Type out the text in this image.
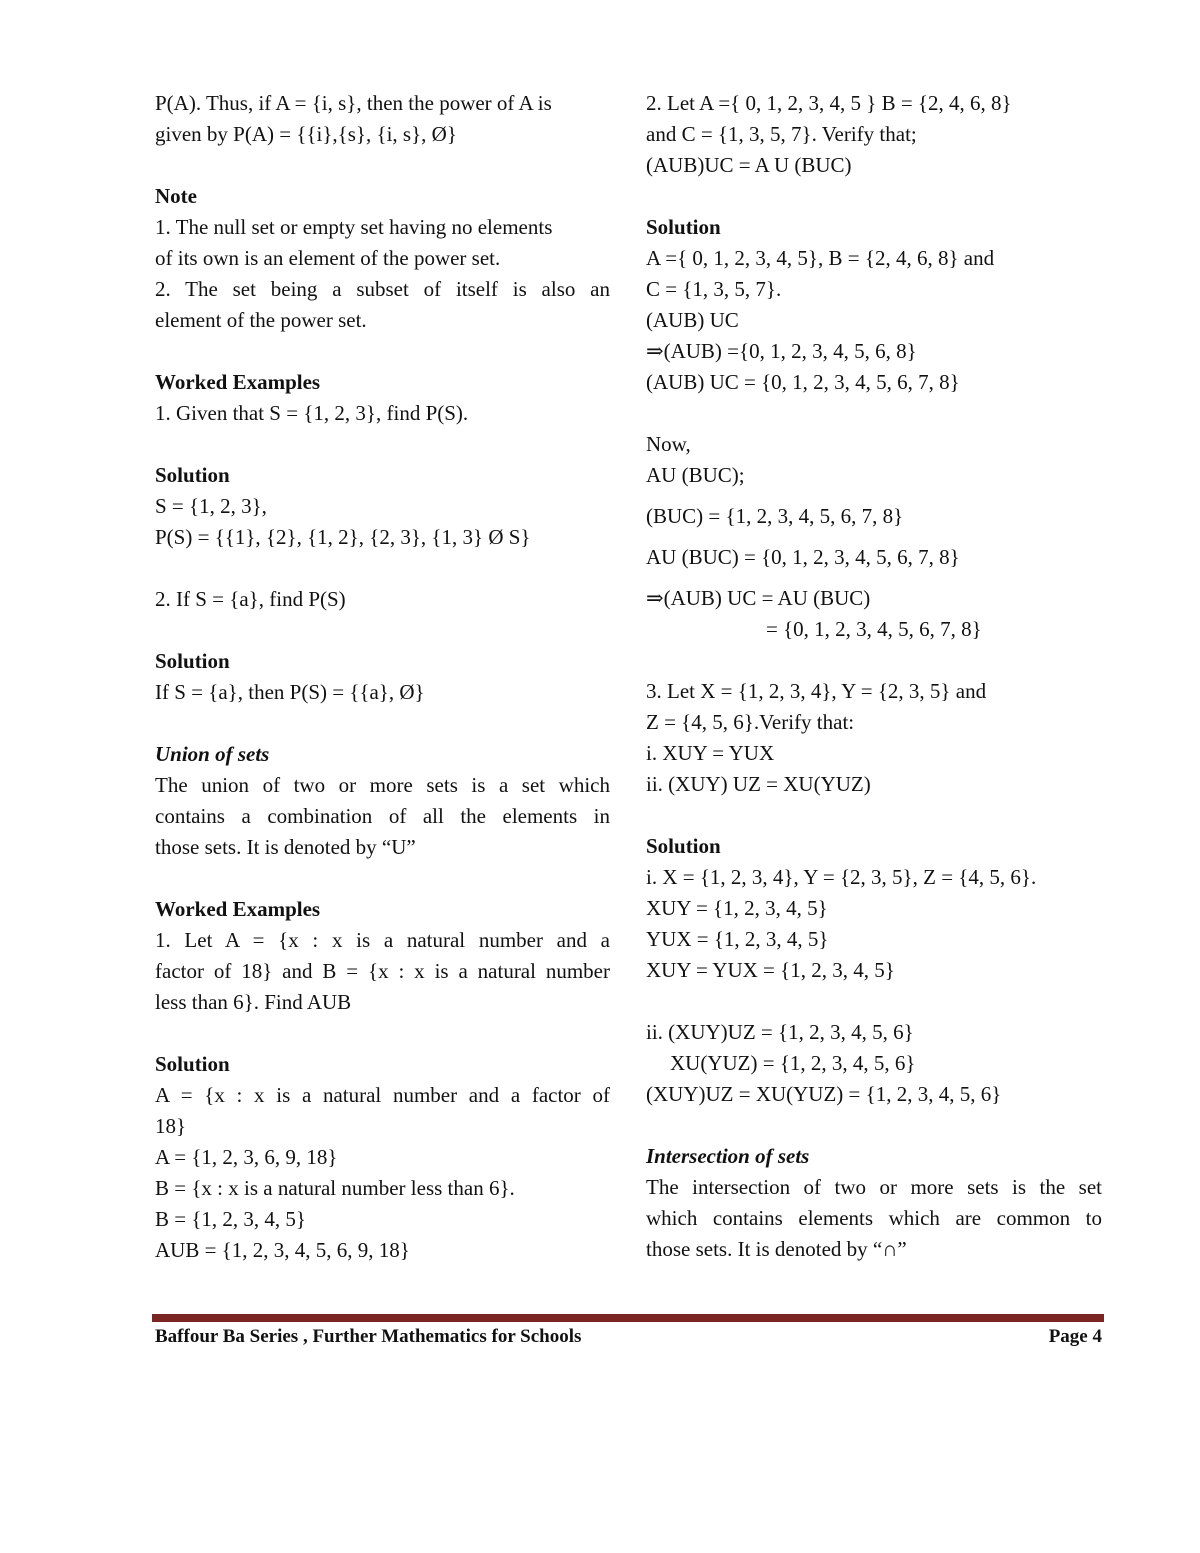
P(A). Thus, if A = {i, s}, then the power of A is
given by P(A) = {{i},{s}, {i, s}, Ø}
Note
1. The null set or empty set having no elements
of its own is an element of the power set.
2. The set being a subset of itself is also an
element of the power set.
Worked Examples
1. Given that S = {1, 2, 3}, find P(S).
Solution
S = {1, 2, 3},
P(S) = {{1}, {2}, {1, 2}, {2, 3}, {1, 3} Ø S}
2. If S = {a}, find P(S)
Solution
If S = {a}, then P(S) = {{a}, Ø}
Union of sets
The union of two or more sets is a set which
contains a combination of all the elements in
those sets. It is denoted by “U”
Worked Examples
1. Let A = {x : x is a natural number and a
factor of 18} and B = {x : x is a natural number
less than 6}. Find AUB
Solution
A = {x : x is a natural number and a factor of
18}
A = {1, 2, 3, 6, 9, 18}
B = {x : x is a natural number less than 6}.
B = {1, 2, 3, 4, 5}
AUB = {1, 2, 3, 4, 5, 6, 9, 18}
2. Let A ={ 0, 1, 2, 3, 4, 5 } B = {2, 4, 6, 8}
and C = {1, 3, 5, 7}. Verify that;
(AUB)UC = A U (BUC)
Solution
A ={ 0, 1, 2, 3, 4, 5}, B = {2, 4, 6, 8} and
C = {1, 3, 5, 7}.
(AUB) UC
⇒(AUB) ={0, 1, 2, 3, 4, 5, 6, 8}
(AUB) UC = {0, 1, 2, 3, 4, 5, 6, 7, 8}
Now,
AU (BUC);
(BUC) = {1, 2, 3, 4, 5, 6, 7, 8}
AU (BUC) = {0, 1, 2, 3, 4, 5, 6, 7, 8}
⇒(AUB) UC = AU (BUC)
= {0, 1, 2, 3, 4, 5, 6, 7, 8}
3. Let X = {1, 2, 3, 4}, Y = {2, 3, 5} and
Z = {4, 5, 6}.Verify that:
i. XUY = YUX
ii. (XUY) UZ = XU(YUZ)
Solution
i. X = {1, 2, 3, 4}, Y = {2, 3, 5}, Z = {4, 5, 6}.
XUY = {1, 2, 3, 4, 5}
YUX = {1, 2, 3, 4, 5}
XUY = YUX = {1, 2, 3, 4, 5}
ii. (XUY)UZ = {1, 2, 3, 4, 5, 6}
XU(YUZ) = {1, 2, 3, 4, 5, 6}
(XUY)UZ = XU(YUZ) = {1, 2, 3, 4, 5, 6}
Intersection of sets
The intersection of two or more sets is the set
which contains elements which are common to
those sets. It is denoted by “∩”
Baffour Ba Series , Further Mathematics for Schools	Page 4
